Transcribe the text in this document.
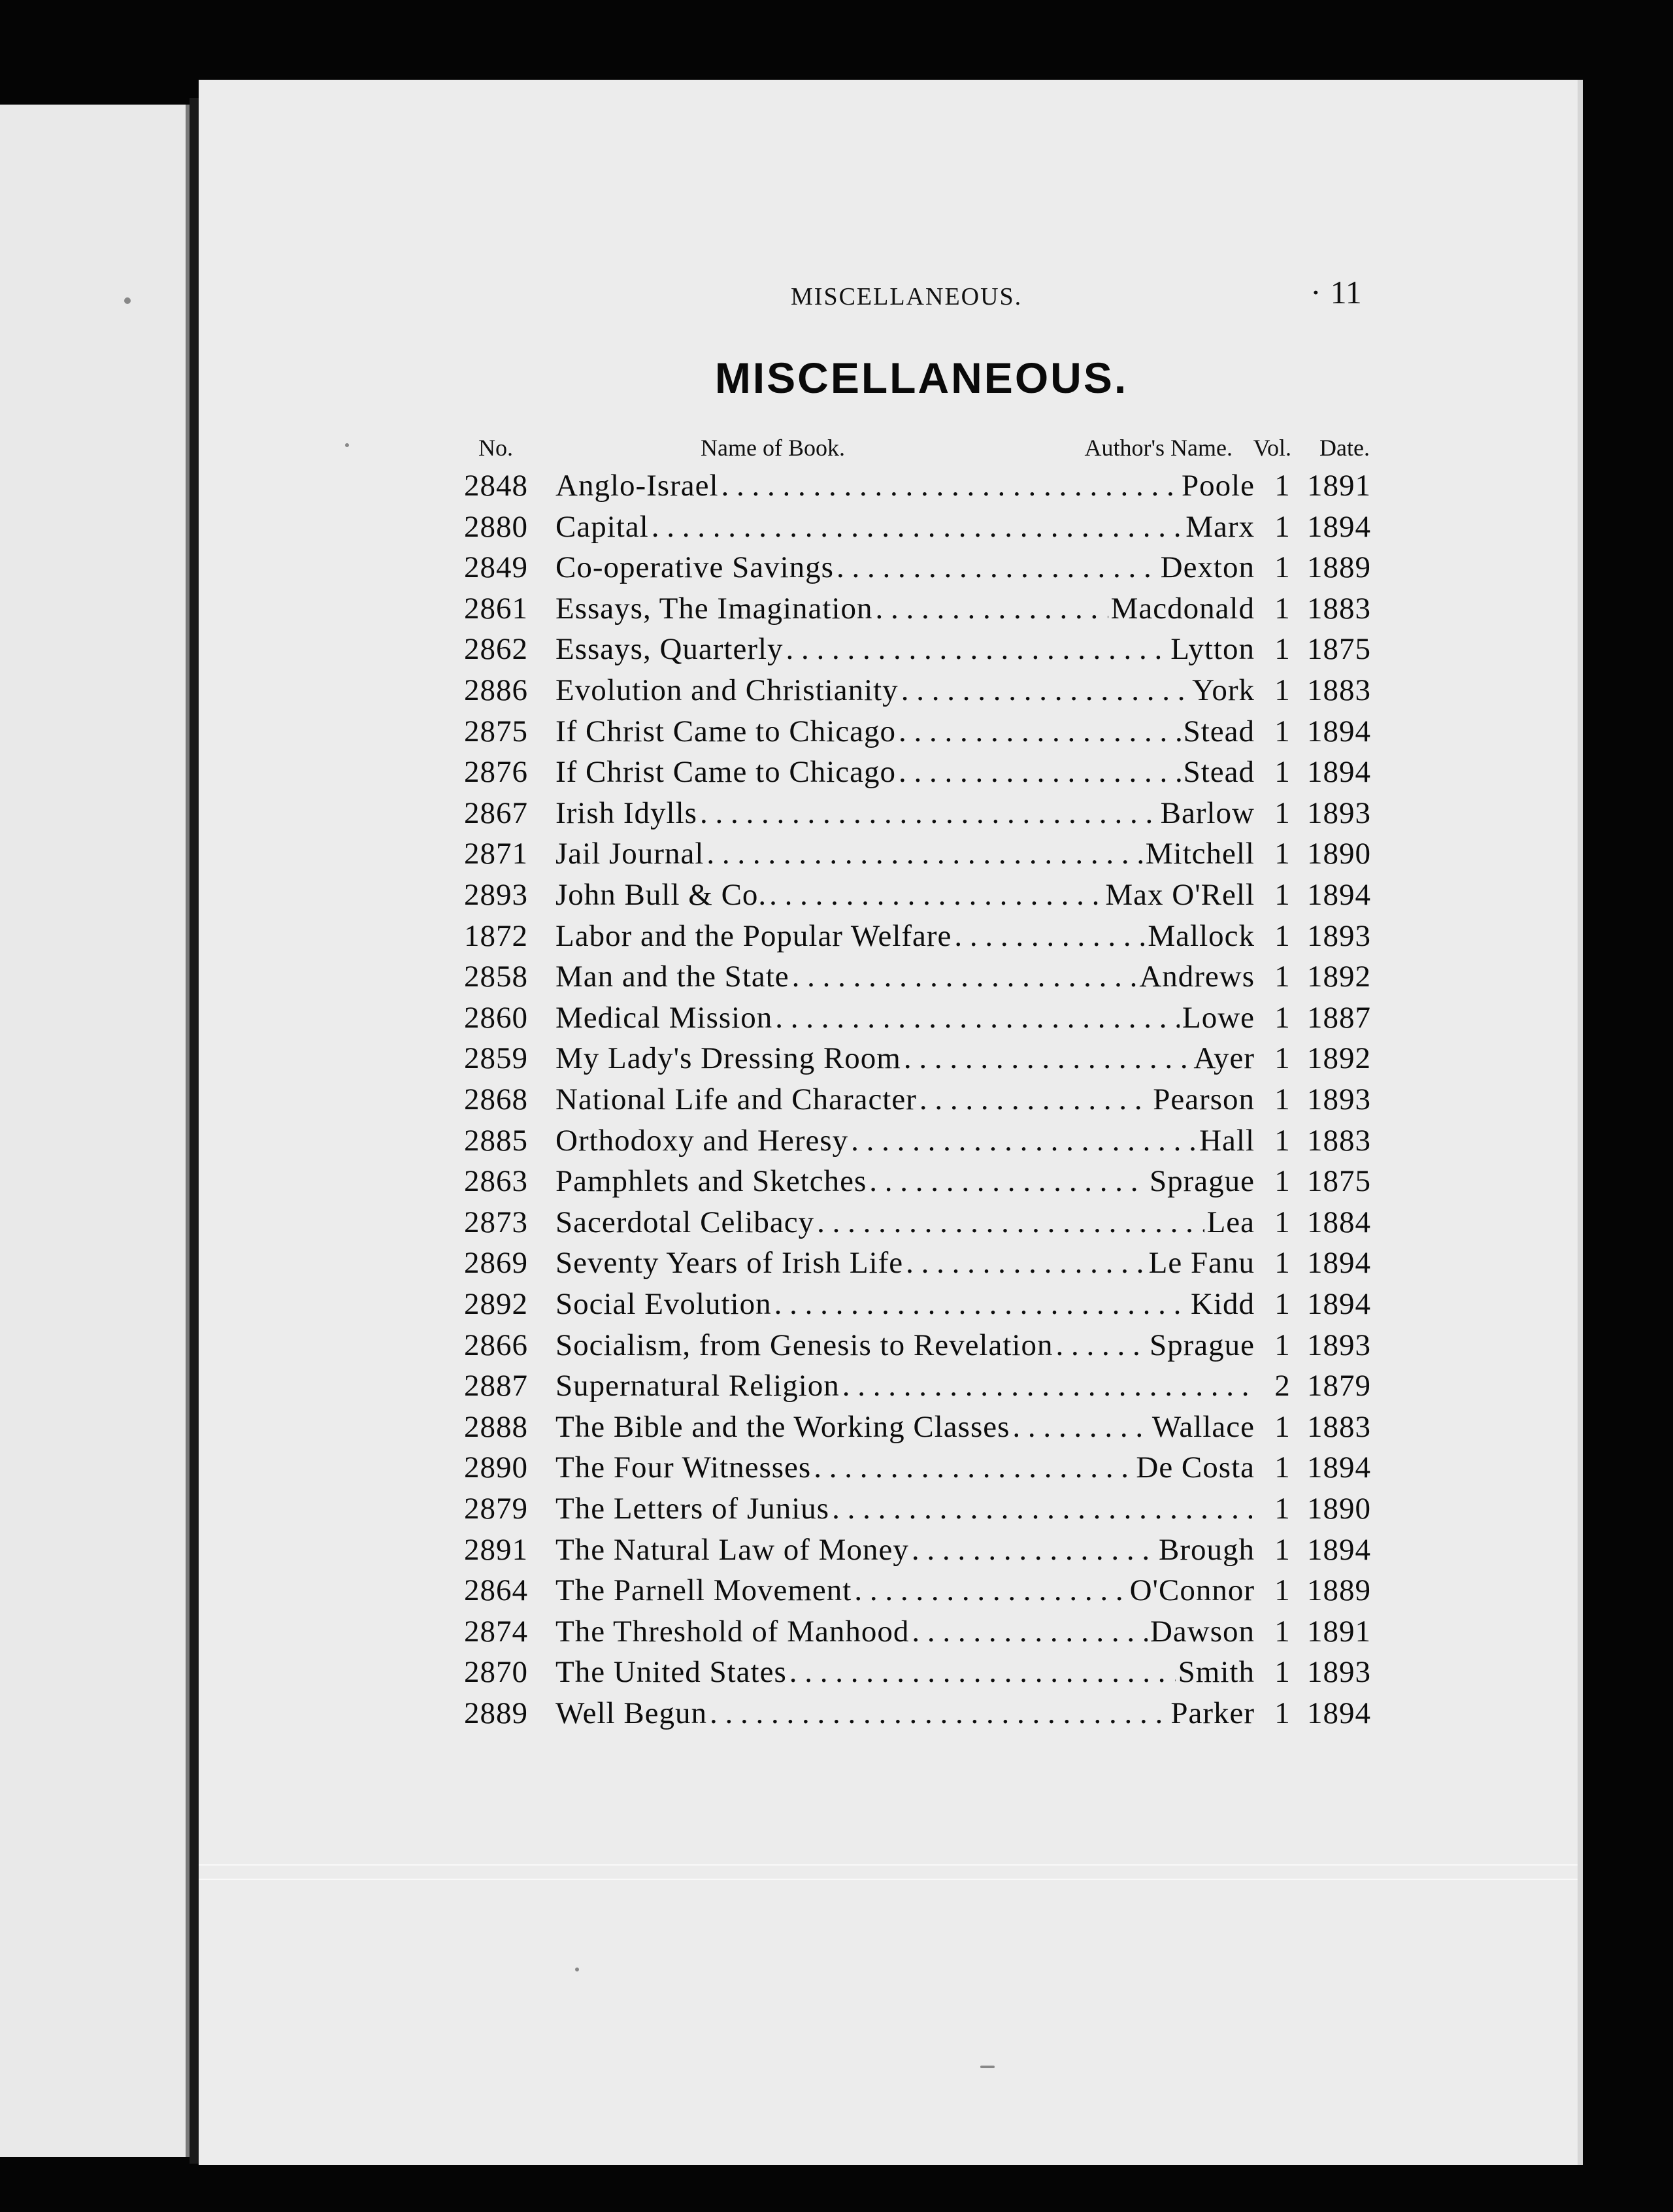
MISCELLANEOUS.	· 11
MISCELLANEOUS.
No.	Name of Book.	Author's Name. Vol. Date.
2848 Anglo-Israel . . .	Poole 1 1891
2880 Capital . . .	Marx 1 1894
2849 Co-operative Savings . . .	Dexton 1 1889
2861 Essays, The Imagination . . .	Macdonald 1 1883
2862 Essays, Quarterly . . .	Lytton 1 1875
2886 Evolution and Christianity . . .	York 1 1883
2875 If Christ Came to Chicago . . .	Stead 1 1894
2876 If Christ Came to Chicago . . .	Stead 1 1894
2867 Irish Idylls . . .	Barlow 1 1893
2871 Jail Journal . . .	Mitchell 1 1890
2893 John Bull & Co. . . .	Max O'Rell 1 1894
1872 Labor and the Popular Welfare . . .	Mallock 1 1893
2858 Man and the State . . .	Andrews 1 1892
2860 Medical Mission . . .	Lowe 1 1887
2859 My Lady's Dressing Room . . .	Ayer 1 1892
2868 National Life and Character . . .	Pearson 1 1893
2885 Orthodoxy and Heresy . . .	Hall 1 1883
2863 Pamphlets and Sketches . . .	Sprague 1 1875
2873 Sacerdotal Celibacy . . .	Lea 1 1884
2869 Seventy Years of Irish Life . . .	Le Fanu 1 1894
2892 Social Evolution . . .	Kidd 1 1894
2866 Socialism, from Genesis to Revelation . . .	Sprague 1 1893
2887 Supernatural Religion . . .	2 1879
2888 The Bible and the Working Classes . . .	Wallace 1 1883
2890 The Four Witnesses . . .	De Costa 1 1894
2879 The Letters of Junius . . .	1 1890
2891 The Natural Law of Money . . .	Brough 1 1894
2864 The Parnell Movement . . .	O'Connor 1 1889
2874 The Threshold of Manhood . . .	Dawson 1 1891
2870 The United States . . .	Smith 1 1893
2889 Well Begun . . .	Parker 1 1894
